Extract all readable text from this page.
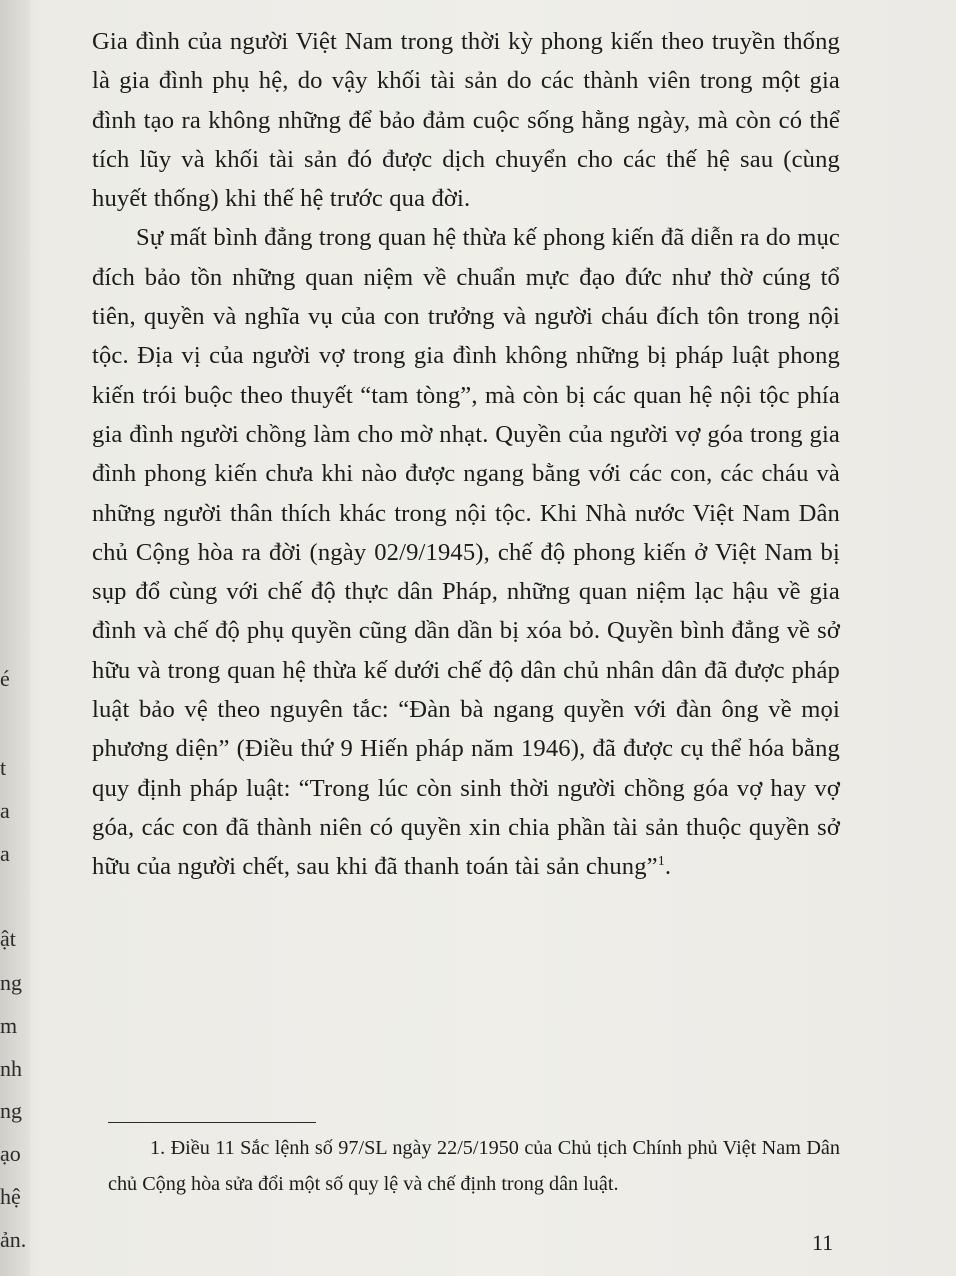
é
t
a
a
ật
ng
m
nh
ng
ạo
hệ
ản.

Gia đình của người Việt Nam trong thời kỳ phong kiến theo truyền thống là gia đình phụ hệ, do vậy khối tài sản do các thành viên trong một gia đình tạo ra không những để bảo đảm cuộc sống hằng ngày, mà còn có thể tích lũy và khối tài sản đó được dịch chuyển cho các thế hệ sau (cùng huyết thống) khi thế hệ trước qua đời.

Sự mất bình đẳng trong quan hệ thừa kế phong kiến đã diễn ra do mục đích bảo tồn những quan niệm về chuẩn mực đạo đức như thờ cúng tổ tiên, quyền và nghĩa vụ của con trưởng và người cháu đích tôn trong nội tộc. Địa vị của người vợ trong gia đình không những bị pháp luật phong kiến trói buộc theo thuyết “tam tòng”, mà còn bị các quan hệ nội tộc phía gia đình người chồng làm cho mờ nhạt. Quyền của người vợ góa trong gia đình phong kiến chưa khi nào được ngang bằng với các con, các cháu và những người thân thích khác trong nội tộc. Khi Nhà nước Việt Nam Dân chủ Cộng hòa ra đời (ngày 02/9/1945), chế độ phong kiến ở Việt Nam bị sụp đổ cùng với chế độ thực dân Pháp, những quan niệm lạc hậu về gia đình và chế độ phụ quyền cũng dần dần bị xóa bỏ. Quyền bình đẳng về sở hữu và trong quan hệ thừa kế dưới chế độ dân chủ nhân dân đã được pháp luật bảo vệ theo nguyên tắc: “Đàn bà ngang quyền với đàn ông về mọi phương diện” (Điều thứ 9 Hiến pháp năm 1946), đã được cụ thể hóa bằng quy định pháp luật: “Trong lúc còn sinh thời người chồng góa vợ hay vợ góa, các con đã thành niên có quyền xin chia phần tài sản thuộc quyền sở hữu của người chết, sau khi đã thanh toán tài sản chung”$^1$.

1. Điều 11 Sắc lệnh số 97/SL ngày 22/5/1950 của Chủ tịch Chính phủ Việt Nam Dân chủ Cộng hòa sửa đổi một số quy lệ và chế định trong dân luật.

11
